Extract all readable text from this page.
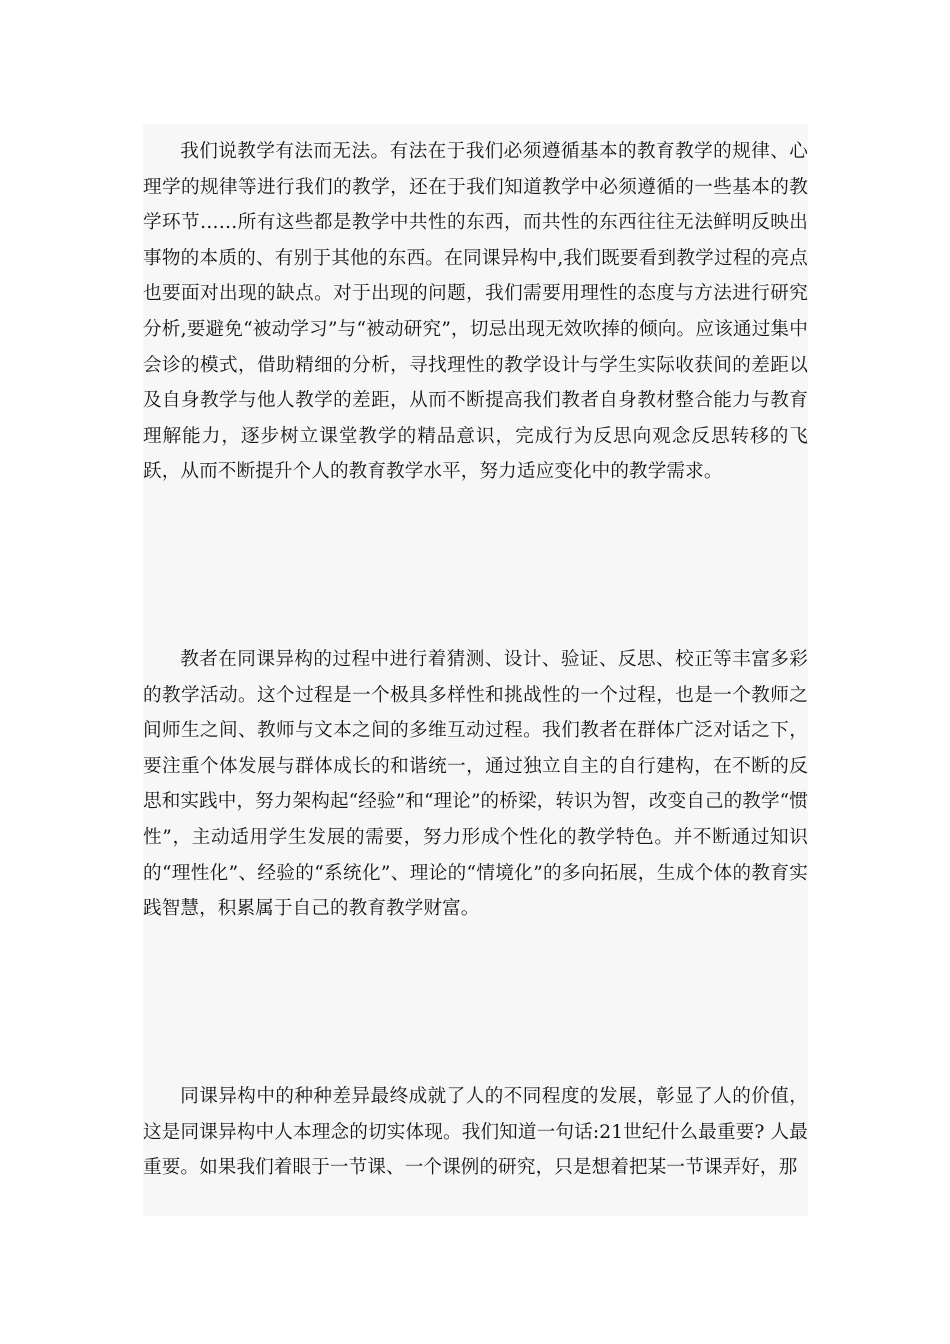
我们说教学有法而无法。有法在于我们必须遵循基本的教育教学的规律、心理学的规律等进行我们的教学，还在于我们知道教学中必须遵循的一些基本的教学环节……所有这些都是教学中共性的东西，而共性的东西往往无法鲜明反映出事物的本质的、有别于其他的东西。在同课异构中,我们既要看到教学过程的亮点也要面对出现的缺点。对于出现的问题，我们需要用理性的态度与方法进行研究分析,要避免“被动学习”与“被动研究”，切忌出现无效吹捧的倾向。应该通过集中会诊的模式，借助精细的分析，寻找理性的教学设计与学生实际收获间的差距以及自身教学与他人教学的差距，从而不断提高我们教者自身教材整合能力与教育理解能力，逐步树立课堂教学的精品意识，完成行为反思向观念反思转移的飞跃，从而不断提升个人的教育教学水平，努力适应变化中的教学需求。

教者在同课异构的过程中进行着猜测、设计、验证、反思、校正等丰富多彩的教学活动。这个过程是一个极具多样性和挑战性的一个过程，也是一个教师之间师生之间、教师与文本之间的多维互动过程。我们教者在群体广泛对话之下，要注重个体发展与群体成长的和谐统一，通过独立自主的自行建构，在不断的反思和实践中，努力架构起“经验”和“理论”的桥梁，转识为智，改变自己的教学“惯性”，主动适用学生发展的需要，努力形成个性化的教学特色。并不断通过知识的“理性化”、经验的“系统化”、理论的“情境化”的多向拓展，生成个体的教育实践智慧，积累属于自己的教育教学财富。

同课异构中的种种差异最终成就了人的不同程度的发展，彰显了人的价值，这是同课异构中人本理念的切实体现。我们知道一句话:21世纪什么最重要? 人最重要。如果我们着眼于一节课、一个课例的研究，只是想着把某一节课弄好，那
